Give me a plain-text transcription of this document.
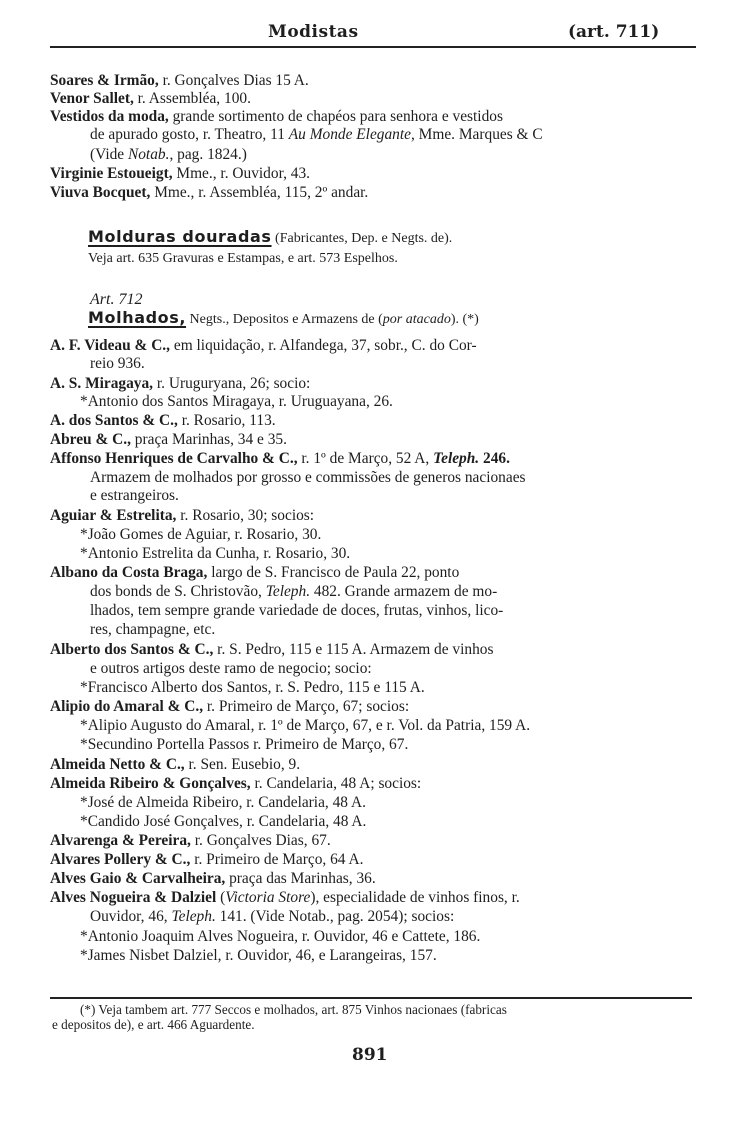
Modistas	(art. 711)
Soares & Irmão, r. Gonçalves Dias 15 A.
Venor Sallet, r. Assembléa, 100.
Vestidos da moda, grande sortimento de chapéos para senhora e vestidos
de apurado gosto, r. Theatro, 11 Au Monde Elegante, Mme. Marques & C
(Vide Notab., pag. 1824.)
Virginie Estoueigt, Mme., r. Ouvidor, 43.
Viuva Bocquet, Mme., r. Assembléa, 115, 2º andar.
Molduras douradas (Fabricantes, Dep. e Negts. de).
Veja art. 635 Gravuras e Estampas, e art. 573 Espelhos.
Art. 712
Molhados, Negts., Depositos e Armazens de (por atacado). (*)
A. F. Videau & C., em liquidação, r. Alfandega, 37, sobr., C. do Cor-
reio 936.
A. S. Miragaya, r. Uruguryana, 26; socio:
*Antonio dos Santos Miragaya, r. Uruguayana, 26.
A. dos Santos & C., r. Rosario, 113.
Abreu & C., praça Marinhas, 34 e 35.
Affonso Henriques de Carvalho & C., r. 1º de Março, 52 A, Teleph. 246.
Armazem de molhados por grosso e commissões de generos nacionaes
e estrangeiros.
Aguiar & Estrelita, r. Rosario, 30; socios:
*João Gomes de Aguiar, r. Rosario, 30.
*Antonio Estrelita da Cunha, r. Rosario, 30.
Albano da Costa Braga, largo de S. Francisco de Paula 22, ponto
dos bonds de S. Christovão, Teleph. 482. Grande armazem de mo-
lhados, tem sempre grande variedade de doces, frutas, vinhos, lico-
res, champagne, etc.
Alberto dos Santos & C., r. S. Pedro, 115 e 115 A. Armazem de vinhos
e outros artigos deste ramo de negocio; socio:
*Francisco Alberto dos Santos, r. S. Pedro, 115 e 115 A.
Alipio do Amaral & C., r. Primeiro de Março, 67; socios:
*Alipio Augusto do Amaral, r. 1º de Março, 67, e r. Vol. da Patria, 159 A.
*Secundino Portella Passos r. Primeiro de Março, 67.
Almeida Netto & C., r. Sen. Eusebio, 9.
Almeida Ribeiro & Gonçalves, r. Candelaria, 48 A; socios:
*José de Almeida Ribeiro, r. Candelaria, 48 A.
*Candido José Gonçalves, r. Candelaria, 48 A.
Alvarenga & Pereira, r. Gonçalves Dias, 67.
Alvares Pollery & C., r. Primeiro de Março, 64 A.
Alves Gaio & Carvalheira, praça das Marinhas, 36.
Alves Nogueira & Dalziel (Victoria Store), especialidade de vinhos finos, r.
Ouvidor, 46, Teleph. 141. (Vide Notab., pag. 2054); socios:
*Antonio Joaquim Alves Nogueira, r. Ouvidor, 46 e Cattete, 186.
*James Nisbet Dalziel, r. Ouvidor, 46, e Larangeiras, 157.
(*) Veja tambem art. 777 Seccos e molhados, art. 875 Vinhos nacionaes (fabricas
e depositos de), e art. 466 Aguardente.
891
